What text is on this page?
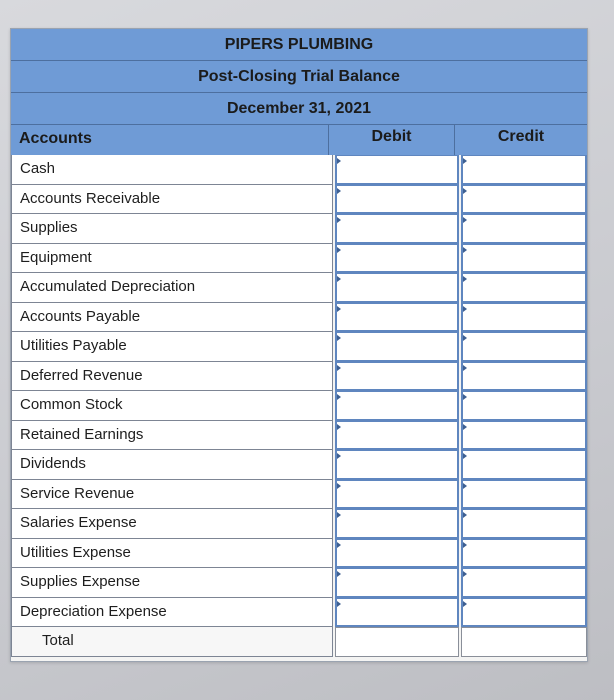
PIPERS PLUMBING
Post-Closing Trial Balance
December 31, 2021
Accounts	Debit	Credit
Cash
Accounts Receivable
Supplies
Equipment
Accumulated Depreciation
Accounts Payable
Utilities Payable
Deferred Revenue
Common Stock
Retained Earnings
Dividends
Service Revenue
Salaries Expense
Utilities Expense
Supplies Expense
Depreciation Expense
Total
